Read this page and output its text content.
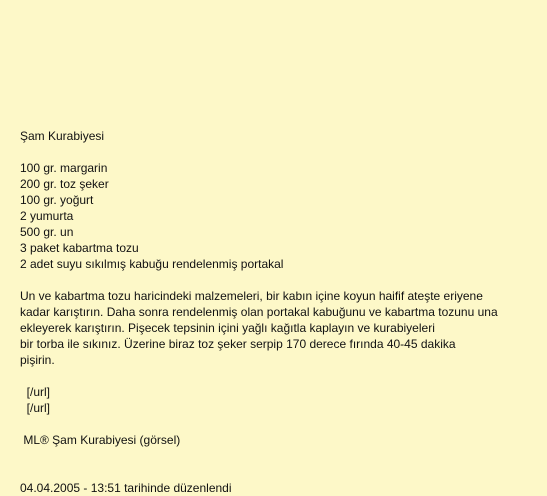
Şam Kurabiyesi
100 gr. margarin
200 gr. toz şeker
100 gr. yoğurt
2 yumurta
500 gr. un
3 paket kabartma tozu
2 adet suyu sıkılmış kabuğu rendelenmiş portakal
Un ve kabartma tozu haricindeki malzemeleri, bir kabın içine koyun haifif ateşte eriyene
kadar karıştırın. Daha sonra rendelenmiş olan portakal kabuğunu ve kabartma tozunu una
ekleyerek karıştırın. Pişecek tepsinin içini yağlı kağıtla kaplayın ve kurabiyeleri
bir torba ile sıkınız. Üzerine biraz toz şeker serpip 170 derece fırında 40-45 dakika
pişirin.
[/url]
[/url]
ML® Şam Kurabiyesi (görsel)
04.04.2005 - 13:51 tarihinde düzenlendi
